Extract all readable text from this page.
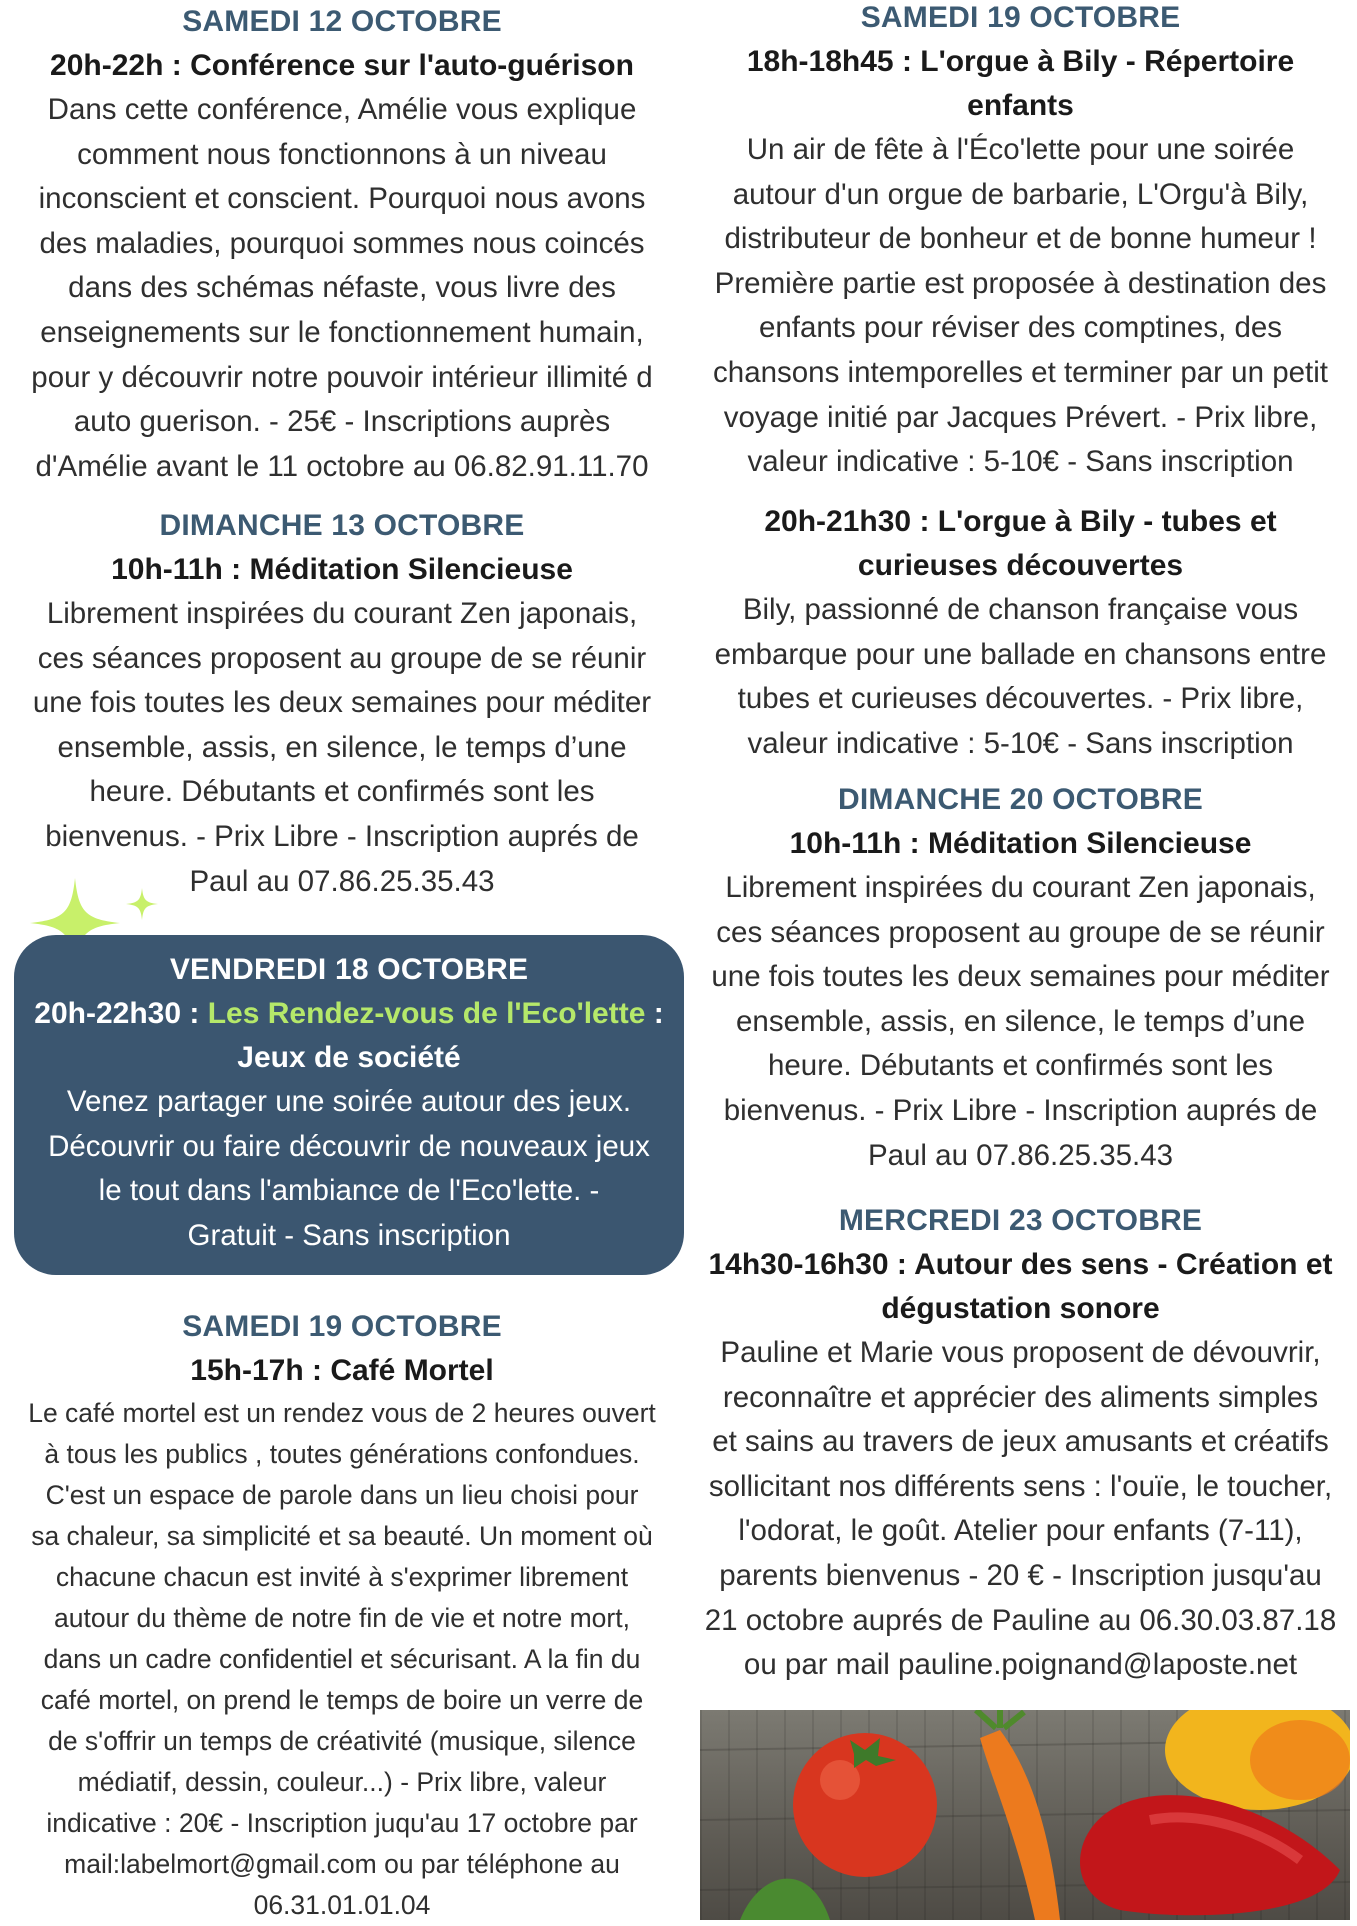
SAMEDI 12 OCTOBRE
20h-22h : Conférence sur l'auto-guérison
Dans cette conférence, Amélie vous explique
comment nous fonctionnons à un niveau
inconscient et conscient. Pourquoi nous avons
des maladies, pourquoi sommes nous coincés
dans des schémas néfaste, vous livre des
enseignements sur le fonctionnement humain,
pour y découvrir notre pouvoir intérieur illimité d
auto guerison. - 25€ - Inscriptions auprès
d'Amélie avant le 11 octobre au 06.82.91.11.70
DIMANCHE 13 OCTOBRE
10h-11h : Méditation Silencieuse
Librement inspirées du courant Zen japonais,
ces séances proposent au groupe de se réunir
une fois toutes les deux semaines pour méditer
ensemble, assis, en silence, le temps d’une
heure. Débutants et confirmés sont les
bienvenus. - Prix Libre - Inscription auprés de
Paul au 07.86.25.35.43
SAMEDI 19 OCTOBRE
15h-17h : Café Mortel
Le café mortel est un rendez vous de 2 heures ouvert
à tous les publics , toutes générations confondues.
C'est un espace de parole dans un lieu choisi pour
sa chaleur, sa simplicité et sa beauté. Un moment où
chacune chacun est invité à s'exprimer librement
autour du thème de notre fin de vie et notre mort,
dans un cadre confidentiel et sécurisant. A la fin du
café mortel, on prend le temps de boire un verre de
de s'offrir un temps de créativité (musique, silence
médiatif, dessin, couleur...) - Prix libre, valeur
indicative : 20€ - Inscription juqu'au 17 octobre par
mail:labelmort@gmail.com ou par téléphone au
06.31.01.01.04
VENDREDI 18 OCTOBRE
20h-22h30 : Les Rendez-vous de l'Eco'lette :
Jeux de société
Venez partager une soirée autour des jeux.
Découvrir ou faire découvrir de nouveaux jeux
le tout dans l'ambiance de l'Eco'lette. -
Gratuit - Sans inscription
SAMEDI 19 OCTOBRE
18h-18h45 : L'orgue à Bily - Répertoire
enfants
Un air de fête à l'Éco'lette pour une soirée
autour d'un orgue de barbarie, L'Orgu'à Bily,
distributeur de bonheur et de bonne humeur !
Première partie est proposée à destination des
enfants pour réviser des comptines, des
chansons intemporelles et terminer par un petit
voyage initié par Jacques Prévert. - Prix libre,
valeur indicative : 5-10€ - Sans inscription
20h-21h30 : L'orgue à Bily - tubes et
curieuses découvertes
Bily, passionné de chanson française vous
embarque pour une ballade en chansons entre
tubes et curieuses découvertes. - Prix libre,
valeur indicative : 5-10€ - Sans inscription
DIMANCHE 20 OCTOBRE
10h-11h : Méditation Silencieuse
Librement inspirées du courant Zen japonais,
ces séances proposent au groupe de se réunir
une fois toutes les deux semaines pour méditer
ensemble, assis, en silence, le temps d’une
heure. Débutants et confirmés sont les
bienvenus. - Prix Libre - Inscription auprés de
Paul au 07.86.25.35.43
MERCREDI 23 OCTOBRE
14h30-16h30 : Autour des sens - Création et
dégustation sonore
Pauline et Marie vous proposent de dévouvrir,
reconnaître et apprécier des aliments simples
et sains au travers de jeux amusants et créatifs
sollicitant nos différents sens : l'ouïe, le toucher,
l'odorat, le goût. Atelier pour enfants (7-11),
parents bienvenus - 20 € - Inscription jusqu'au
21 octobre auprés de Pauline au 06.30.03.87.18
ou par mail pauline.poignand@laposte.net
